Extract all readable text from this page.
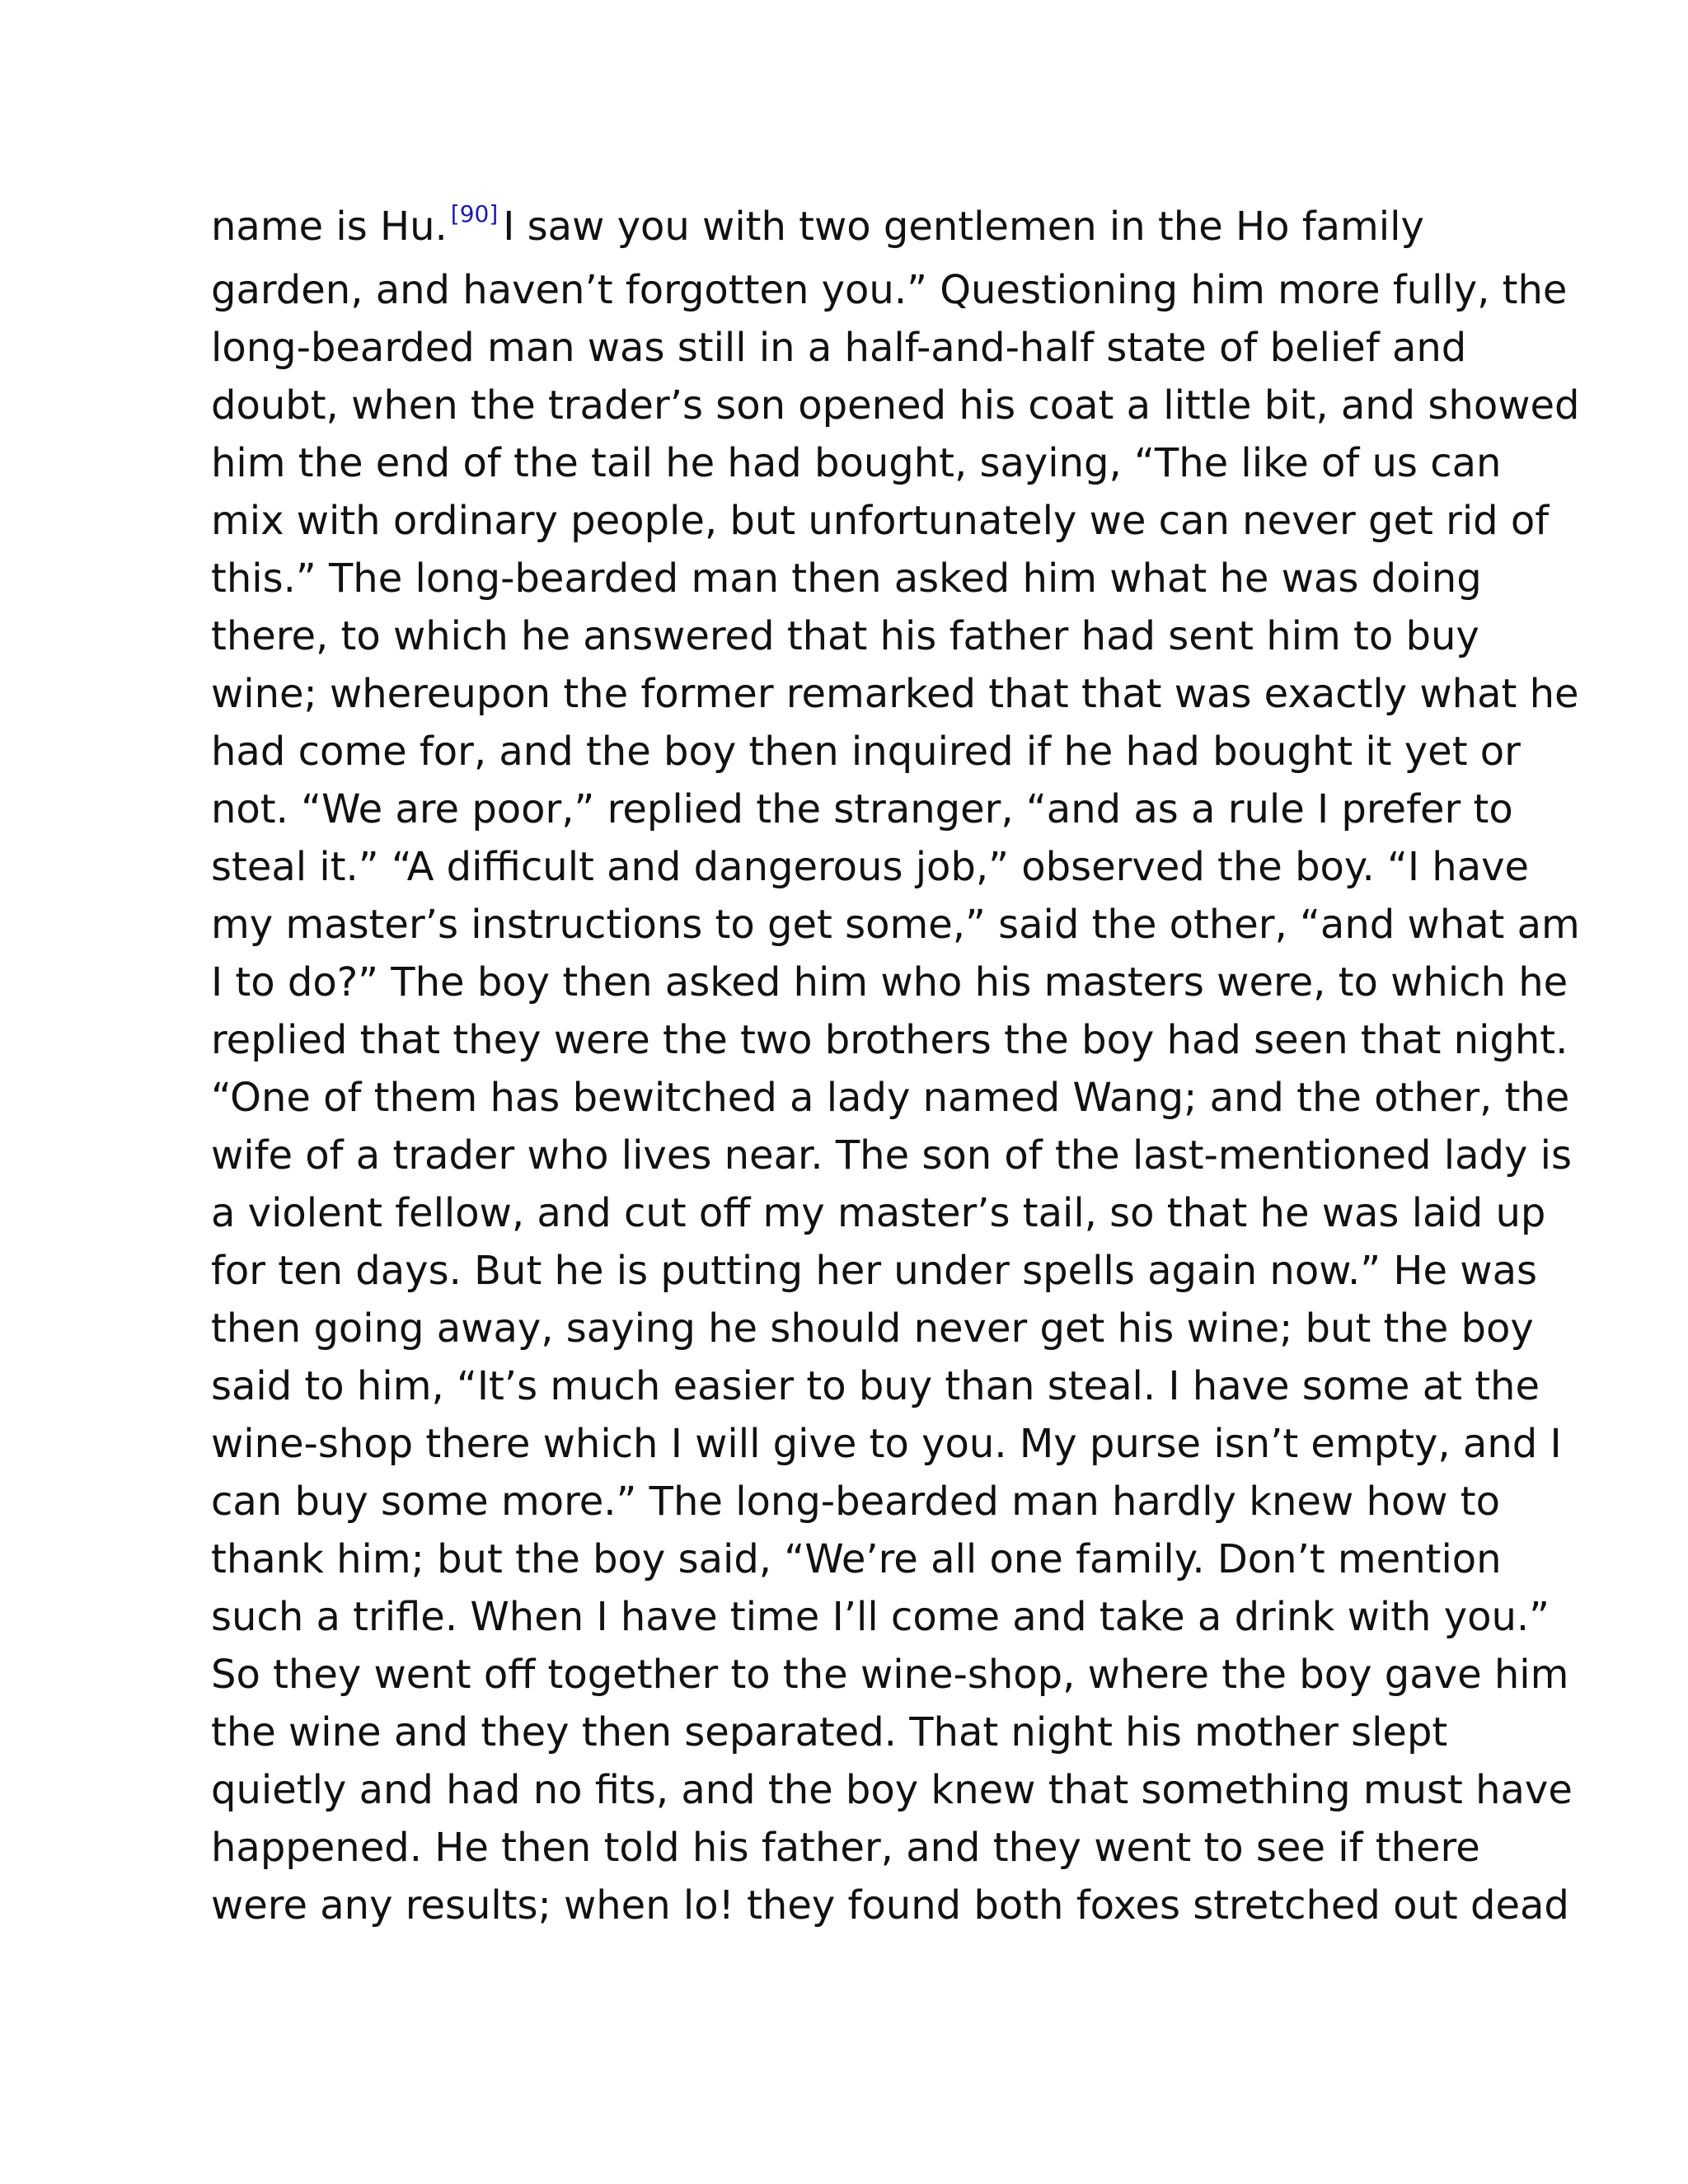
name is Hu. [90] I saw you with two gentlemen in the Ho family
garden, and haven’t forgotten you.” Questioning him more fully, the
long-bearded man was still in a half-and-half state of belief and
doubt, when the trader’s son opened his coat a little bit, and showed
him the end of the tail he had bought, saying, “The like of us can
mix with ordinary people, but unfortunately we can never get rid of
this.” The long-bearded man then asked him what he was doing
there, to which he answered that his father had sent him to buy
wine; whereupon the former remarked that that was exactly what he
had come for, and the boy then inquired if he had bought it yet or
not. “We are poor,” replied the stranger, “and as a rule I prefer to
steal it.” “A difficult and dangerous job,” observed the boy. “I have
my master’s instructions to get some,” said the other, “and what am
I to do?” The boy then asked him who his masters were, to which he
replied that they were the two brothers the boy had seen that night.
“One of them has bewitched a lady named Wang; and the other, the
wife of a trader who lives near. The son of the last-mentioned lady is
a violent fellow, and cut off my master’s tail, so that he was laid up
for ten days. But he is putting her under spells again now.” He was
then going away, saying he should never get his wine; but the boy
said to him, “It’s much easier to buy than steal. I have some at the
wine-shop there which I will give to you. My purse isn’t empty, and I
can buy some more.” The long-bearded man hardly knew how to
thank him; but the boy said, “We’re all one family. Don’t mention
such a trifle. When I have time I’ll come and take a drink with you.”
So they went off together to the wine-shop, where the boy gave him
the wine and they then separated. That night his mother slept
quietly and had no fits, and the boy knew that something must have
happened. He then told his father, and they went to see if there
were any results; when lo! they found both foxes stretched out dead
